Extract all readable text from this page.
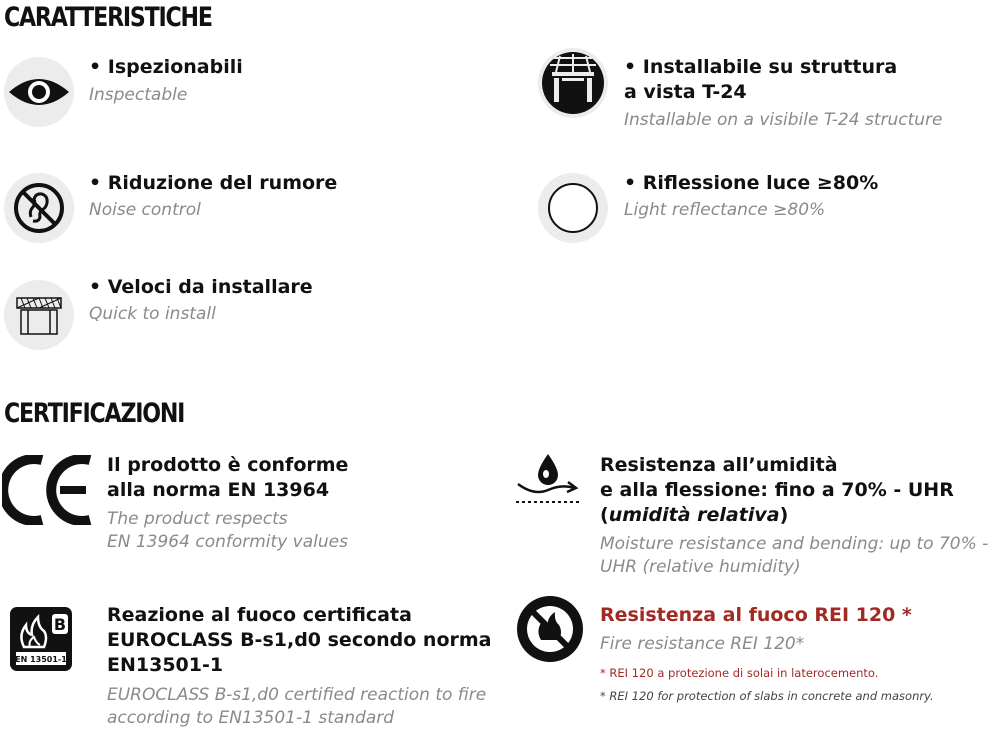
CARATTERISTICHE
• Ispezionabili
Inspectable
• Installabile su struttura
a vista T-24
Installable on a visibile T-24 structure
• Riduzione del rumore
Noise control
• Riflessione luce ≥80%
Light reflectance ≥80%
• Veloci da installare
Quick to install
CERTIFICAZIONI
Il prodotto è conforme
alla norma EN 13964
The product respects
EN 13964 conformity values
Resistenza all’umidità
e alla flessione: fino a 70% - UHR
(umidità relativa)
Moisture resistance and bending: up to 70% -
UHR (relative humidity)
B
EN 13501-1
Reazione al fuoco certificata
EUROCLASS B-s1,d0 secondo norma
EN13501-1
EUROCLASS B-s1,d0 certified reaction to fire
according to EN13501-1 standard
Resistenza al fuoco REI 120 *
Fire resistance REI 120*
* REI 120 a protezione di solai in laterocemento.
* REI 120 for protection of slabs in concrete and masonry.
